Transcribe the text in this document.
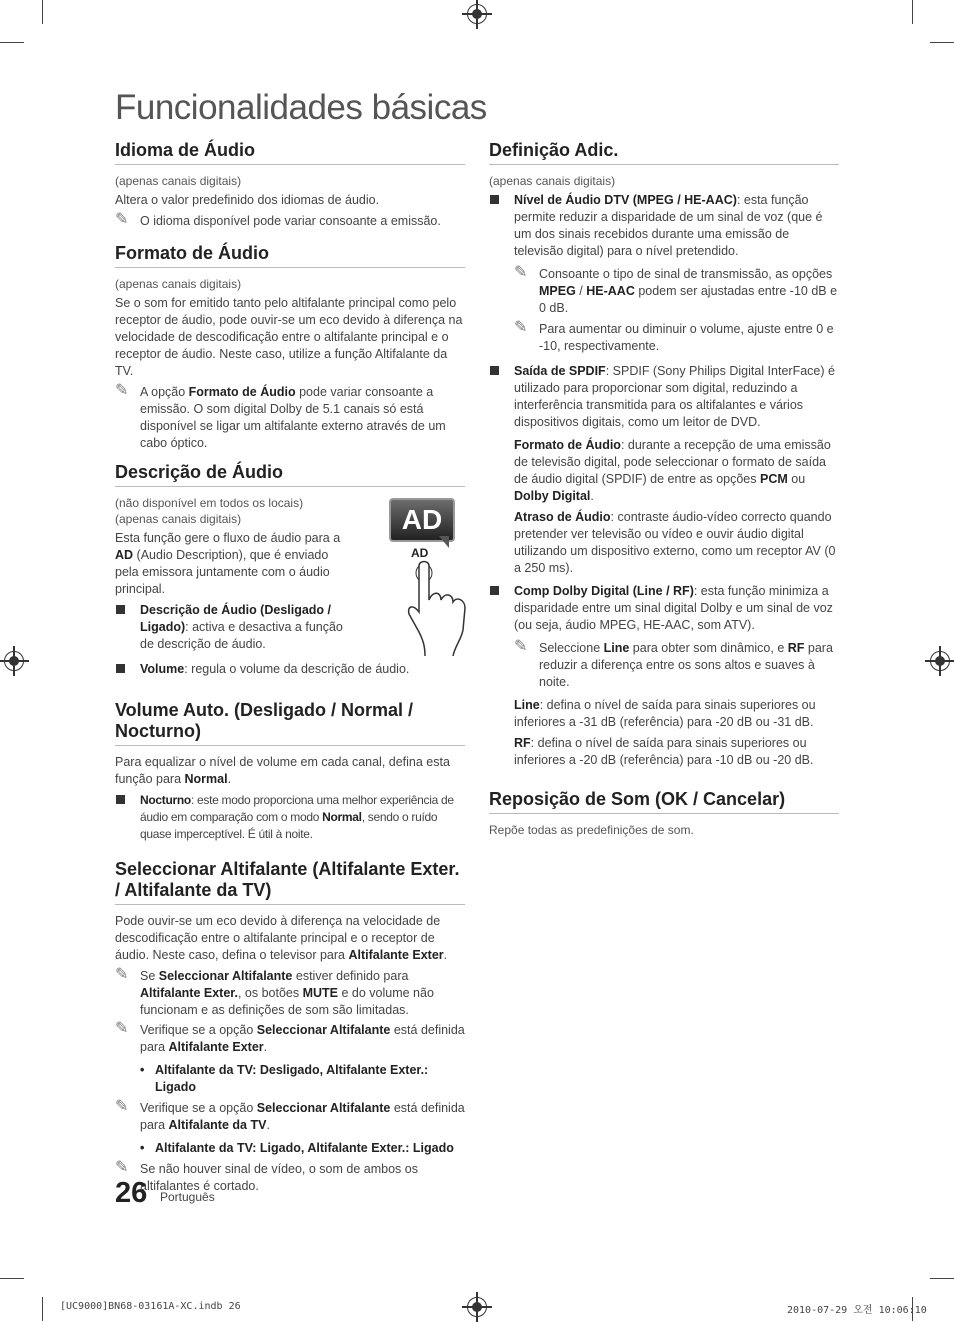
Funcionalidades básicas
Idioma de Áudio

(apenas canais digitais)

Altera o valor predefinido dos idiomas de áudio.

✎ O idioma disponível pode variar consoante a emissão.
Formato de Áudio

(apenas canais digitais)

Se o som for emitido tanto pelo altifalante principal como pelo receptor de áudio, pode ouvir-se um eco devido à diferença na velocidade de descodificação entre o altifalante principal e o receptor de áudio. Neste caso, utilize a função Altifalante da TV.

✎ A opção Formato de Áudio pode variar consoante a emissão. O som digital Dolby de 5.1 canais só está disponível se ligar um altifalante externo através de um cabo óptico.
Descrição de Áudio

(não disponível em todos os locais)

(apenas canais digitais)

Esta função gere o fluxo de áudio para a AD (Audio Description), que é enviado pela emissora juntamente com o áudio principal.

Descrição de Áudio (Desligado / Ligado): activa e desactiva a função de descrição de áudio.
AD
AD
Volume: regula o volume da descrição de áudio.
Volume Auto. (Desligado / Normal / Nocturno)

Para equalizar o nível de volume em cada canal, defina esta função para Normal.

Nocturno: este modo proporciona uma melhor experiência de áudio em comparação com o modo Normal, sendo o ruído quase imperceptível. É útil à noite.
Seleccionar Altifalante (Altifalante Exter. / Altifalante da TV)

Pode ouvir-se um eco devido à diferença na velocidade de descodificação entre o altifalante principal e o receptor de áudio. Neste caso, defina o televisor para Altifalante Exter.

✎ Se Seleccionar Altifalante estiver definido para Altifalante Exter., os botões MUTE e do volume não funcionam e as definições de som são limitadas.
✎ Verifique se a opção Seleccionar Altifalante está definida para Altifalante Exter.
• Altifalante da TV: Desligado, Altifalante Exter.: Ligado
✎ Verifique se a opção Seleccionar Altifalante está definida para Altifalante da TV.
• Altifalante da TV: Ligado, Altifalante Exter.: Ligado
✎ Se não houver sinal de vídeo, o som de ambos os altifalantes é cortado.
Definição Adic.

(apenas canais digitais)

Nível de Áudio DTV (MPEG / HE-AAC): esta função permite reduzir a disparidade de um sinal de voz (que é um dos sinais recebidos durante uma emissão de televisão digital) para o nível pretendido.
✎ Consoante o tipo de sinal de transmissão, as opções MPEG / HE-AAC podem ser ajustadas entre -10 dB e 0 dB.
✎ Para aumentar ou diminuir o volume, ajuste entre 0 e -10, respectivamente.
Saída de SPDIF: SPDIF (Sony Philips Digital InterFace) é utilizado para proporcionar som digital, reduzindo a interferência transmitida para os altifalantes e vários dispositivos digitais, como um leitor de DVD.

Formato de Áudio: durante a recepção de uma emissão de televisão digital, pode seleccionar o formato de saída de áudio digital (SPDIF) de entre as opções PCM ou Dolby Digital.

Atraso de Áudio: contraste áudio-vídeo correcto quando pretender ver televisão ou vídeo e ouvir áudio digital utilizando um dispositivo externo, como um receptor AV (0 a 250 ms).

Comp Dolby Digital (Line / RF): esta função minimiza a disparidade entre um sinal digital Dolby e um sinal de voz (ou seja, áudio MPEG, HE-AAC, som ATV).
✎ Seleccione Line para obter som dinâmico, e RF para reduzir a diferença entre os sons altos e suaves à noite.

Line: defina o nível de saída para sinais superiores ou inferiores a -31 dB (referência) para -20 dB ou -31 dB.

RF: defina o nível de saída para sinais superiores ou inferiores a -20 dB (referência) para -10 dB ou -20 dB.

Reposição de Som (OK / Cancelar)

Repõe todas as predefinições de som.

26 Português
[UC9000]BN68-03161A-XC.indb 26	2010-07-29 오전 10:06:10
